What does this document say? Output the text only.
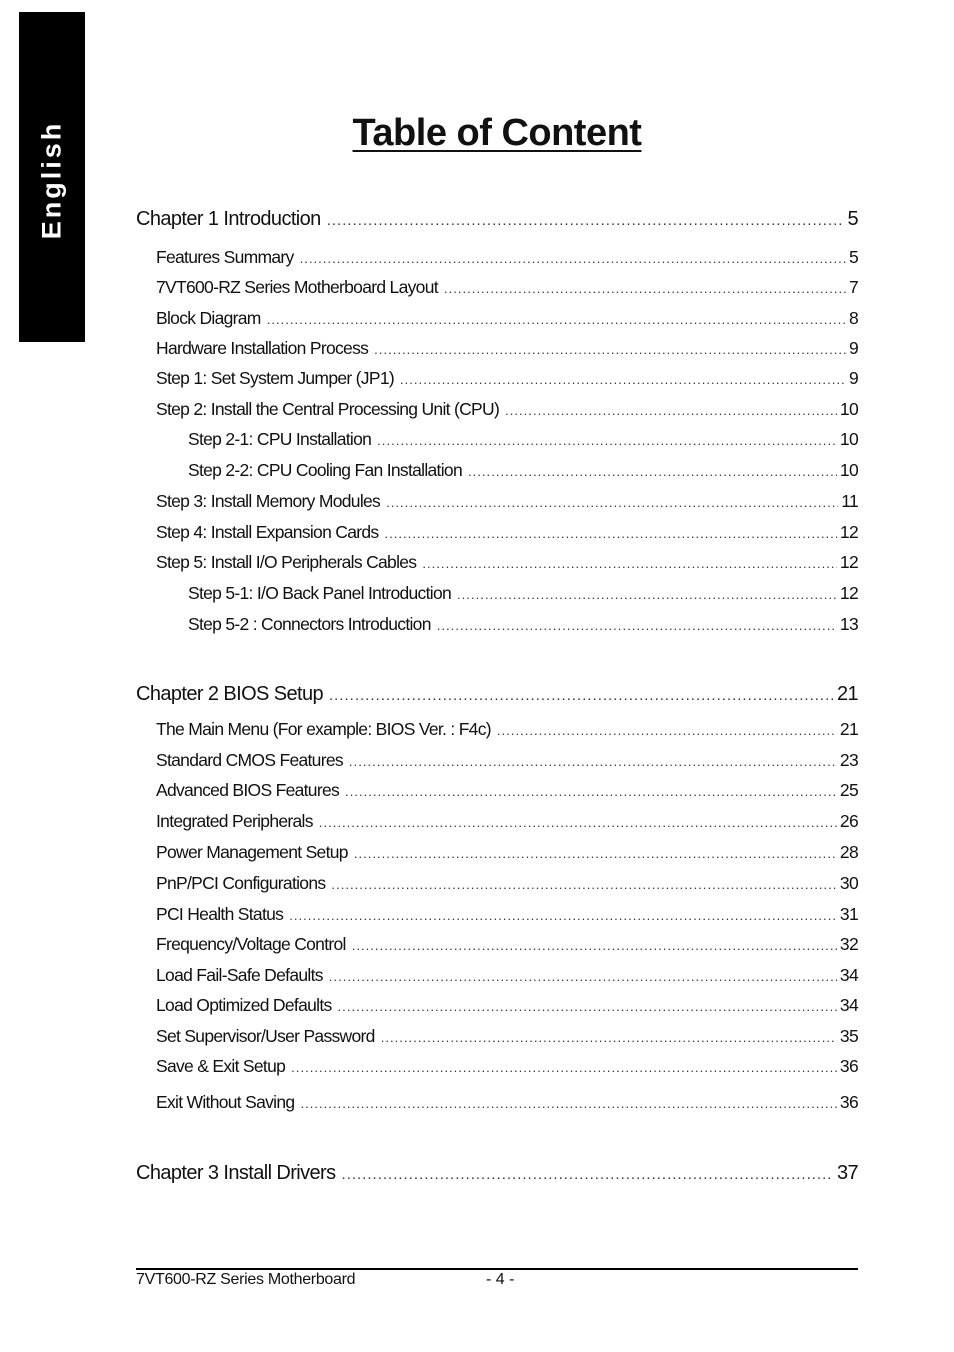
English	Table of Content
Chapter 1 Introduction .....	5
Features Summary .....	5
7VT600-RZ Series Motherboard Layout .....	7
Block Diagram .....	8
Hardware Installation Process .....	9
Step 1: Set System Jumper (JP1) .....	9
Step 2: Install the Central Processing Unit (CPU) .....	10
Step 2-1: CPU Installation .....	10
Step 2-2: CPU Cooling Fan Installation .....	10
Step 3: Install Memory Modules .....	11
Step 4: Install Expansion Cards .....	12
Step 5: Install I/O Peripherals Cables .....	12
Step 5-1: I/O Back Panel Introduction .....	12
Step 5-2 : Connectors Introduction .....	13
Chapter 2 BIOS Setup .....	21
The Main Menu (For example: BIOS Ver. : F4c) .....	21
Standard CMOS Features .....	23
Advanced BIOS Features .....	25
Integrated Peripherals .....	26
Power Management Setup .....	28
PnP/PCI Configurations .....	30
PCI Health Status .....	31
Frequency/Voltage Control .....	32
Load Fail-Safe Defaults .....	34
Load Optimized Defaults .....	34
Set Supervisor/User Password .....	35
Save & Exit Setup .....	36
Exit Without Saving .....	36
Chapter 3 Install Drivers .....	37
7VT600-RZ Series Motherboard	- 4 -
